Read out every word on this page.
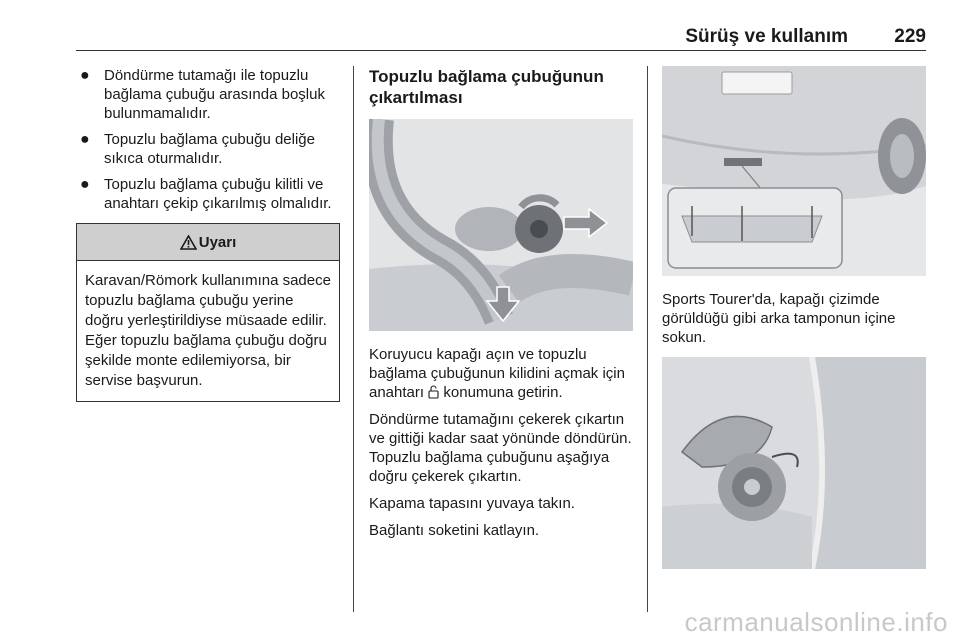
Sürüş ve kullanım 229
● Döndürme tutamağı ile topuzlu bağlama çubuğu arasında boşluk bulunmamalıdır.
● Topuzlu bağlama çubuğu deliğe sıkıca oturmalıdır.
● Topuzlu bağlama çubuğu kilitli ve anahtarı çekip çıkarılmış olmalıdır.
Uyarı
Karavan/Römork kullanımına sadece topuzlu bağlama çubuğu yerine doğru yerleştirildiyse müsaade edilir. Eğer topuzlu bağlama çubuğu doğru şekilde monte edilemiyorsa, bir servise başvurun.
Topuzlu bağlama çubuğunun çıkartılması

Koruyucu kapağı açın ve topuzlu bağlama çubuğunun kilidini açmak için anahtarı  konumuna getirin.

Döndürme tutamağını çekerek çıkartın ve gittiği kadar saat yönünde döndürün. Topuzlu bağlama çubuğunu aşağıya doğru çekerek çıkartın.

Kapama tapasını yuvaya takın.

Bağlantı soketini katlayın.

Sports Tourer'da, kapağı çizimde görüldüğü gibi arka tamponun içine sokun.

carmanualsonline.info
